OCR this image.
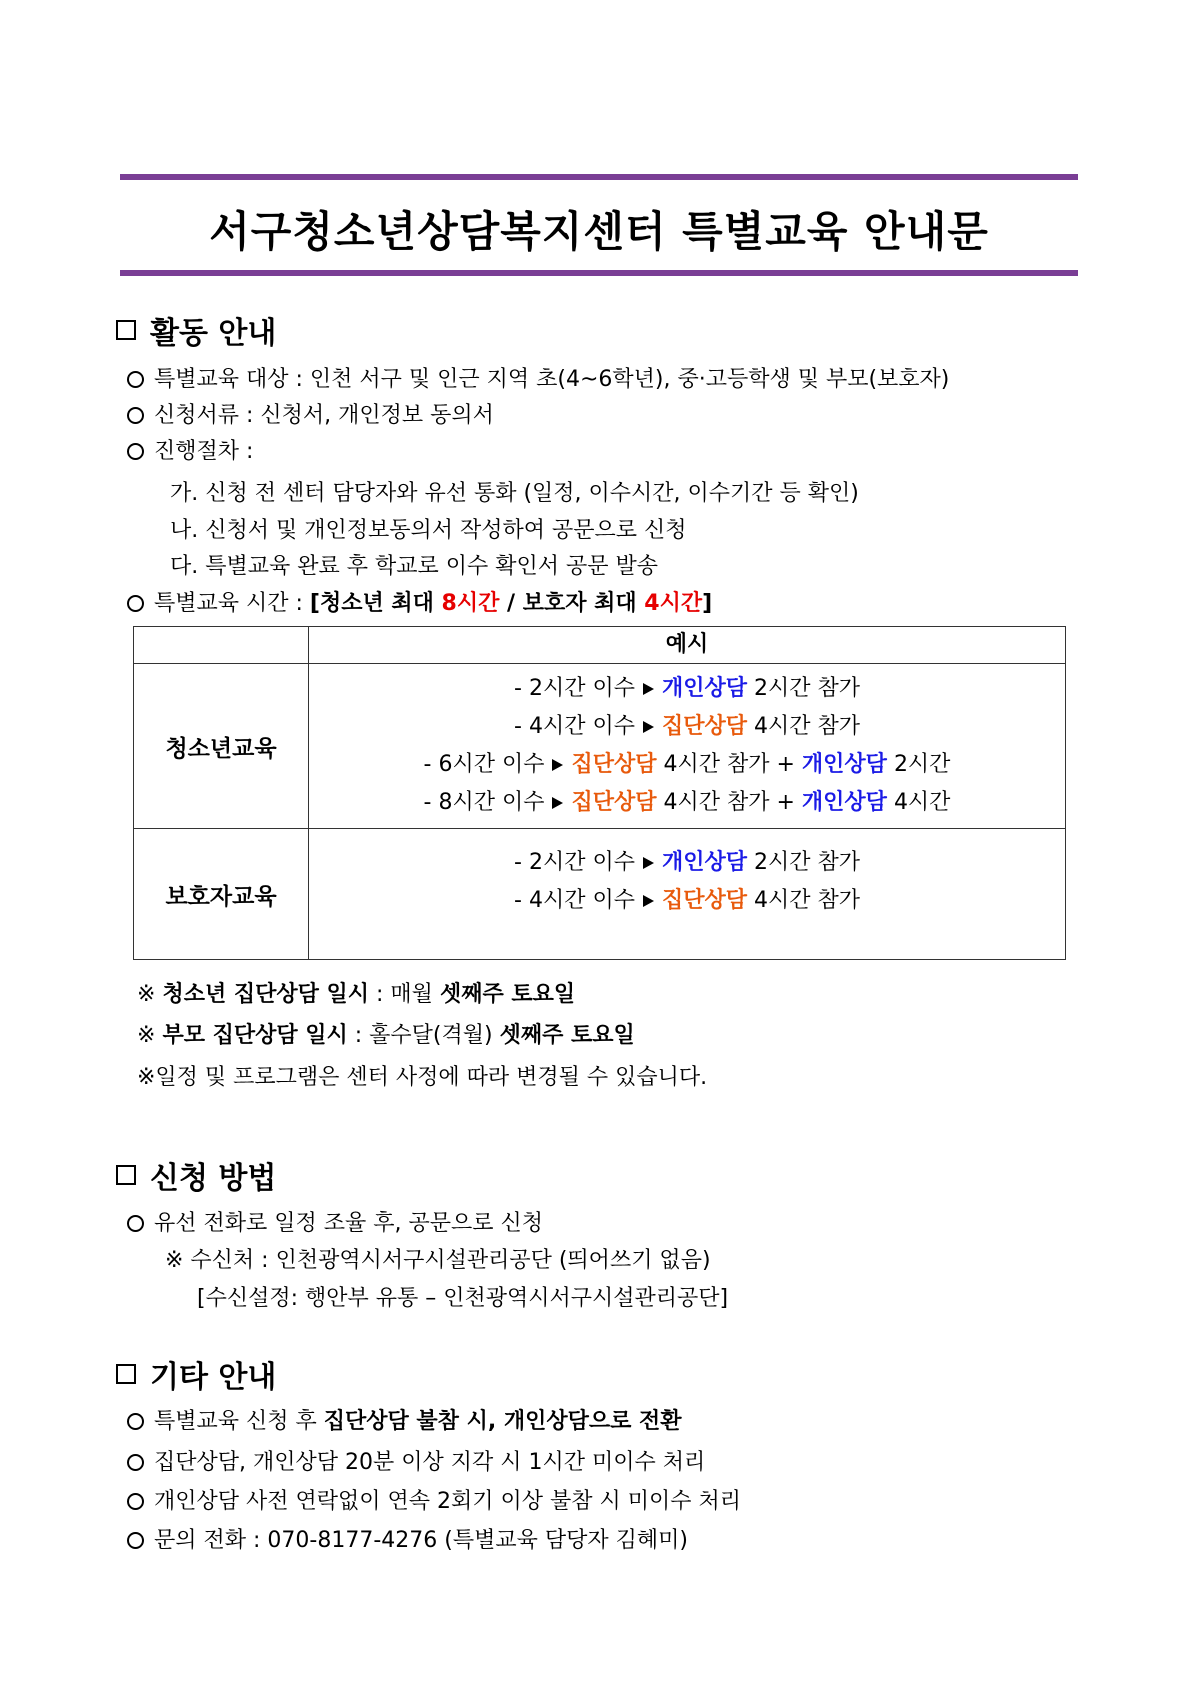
서구청소년상담복지센터 특별교육 안내문
활동 안내
특별교육 대상 : 인천 서구 및 인근 지역 초(4~6학년), 중·고등학생 및 부모(보호자)
신청서류 : 신청서, 개인정보 동의서
진행절차 :
가. 신청 전 센터 담당자와 유선 통화 (일정, 이수시간, 이수기간 등 확인)
나. 신청서 및 개인정보동의서 작성하여 공문으로 신청
다. 특별교육 완료 후 학교로 이수 확인서 공문 발송
특별교육 시간 : [청소년 최대 8시간 / 보호자 최대 4시간]
	예시
청소년교육	- 2시간 이수 개인상담 2시간 참가
- 4시간 이수 집단상담 4시간 참가
- 6시간 이수 집단상담 4시간 참가 + 개인상담 2시간
- 8시간 이수 집단상담 4시간 참가 + 개인상담 4시간

보호자교육	- 2시간 이수 개인상담 2시간 참가
- 4시간 이수 집단상담 4시간 참가
※ 청소년 집단상담 일시 : 매월 셋째주 토요일
※ 부모 집단상담 일시 : 홀수달(격월) 셋째주 토요일
※일정 및 프로그램은 센터 사정에 따라 변경될 수 있습니다.
신청 방법
유선 전화로 일정 조율 후, 공문으로 신청
※ 수신처 : 인천광역시서구시설관리공단 (띄어쓰기 없음)
[수신설정: 행안부 유통 – 인천광역시서구시설관리공단]
기타 안내
특별교육 신청 후 집단상담 불참 시, 개인상담으로 전환
집단상담, 개인상담 20분 이상 지각 시 1시간 미이수 처리
개인상담 사전 연락없이 연속 2회기 이상 불참 시 미이수 처리
문의 전화 : 070-8177-4276 (특별교육 담당자 김혜미)
